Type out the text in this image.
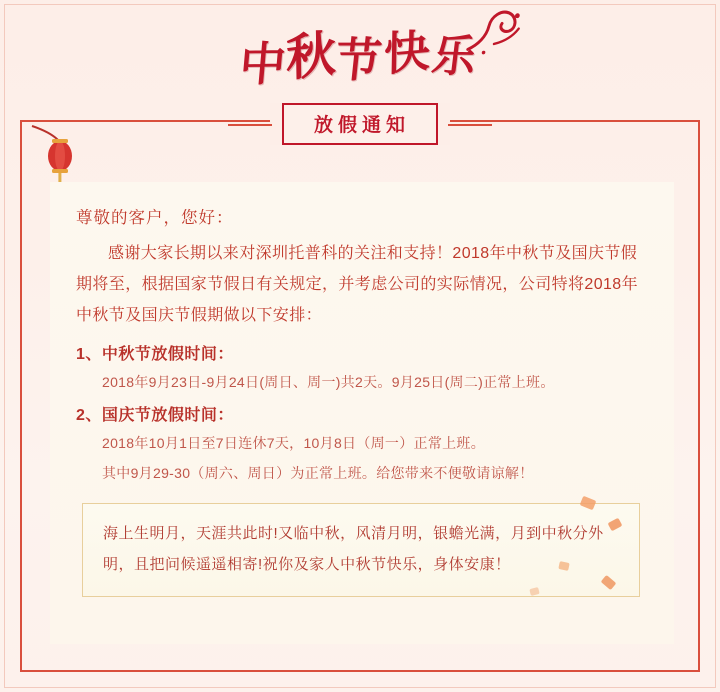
中秋节快乐
放假通知

尊敬的客户，您好：

感谢大家长期以来对深圳托普科的关注和支持！2018年中秋节及国庆节假期将至，根据国家节假日有关规定，并考虑公司的实际情况，公司特将2018年中秋节及国庆节假期做以下安排：

1、中秋节放假时间：

2018年9月23日-9月24日(周日、周一)共2天。9月25日(周二)正常上班。

2、国庆节放假时间：

2018年10月1日至7日连休7天，10月8日（周一）正常上班。

其中9月29-30（周六、周日）为正常上班。给您带来不便敬请谅解！

海上生明月，天涯共此时!又临中秋，风清月明，银蟾光满，月到中秋分外明，且把问候遥遥相寄!祝你及家人中秋节快乐，身体安康！
